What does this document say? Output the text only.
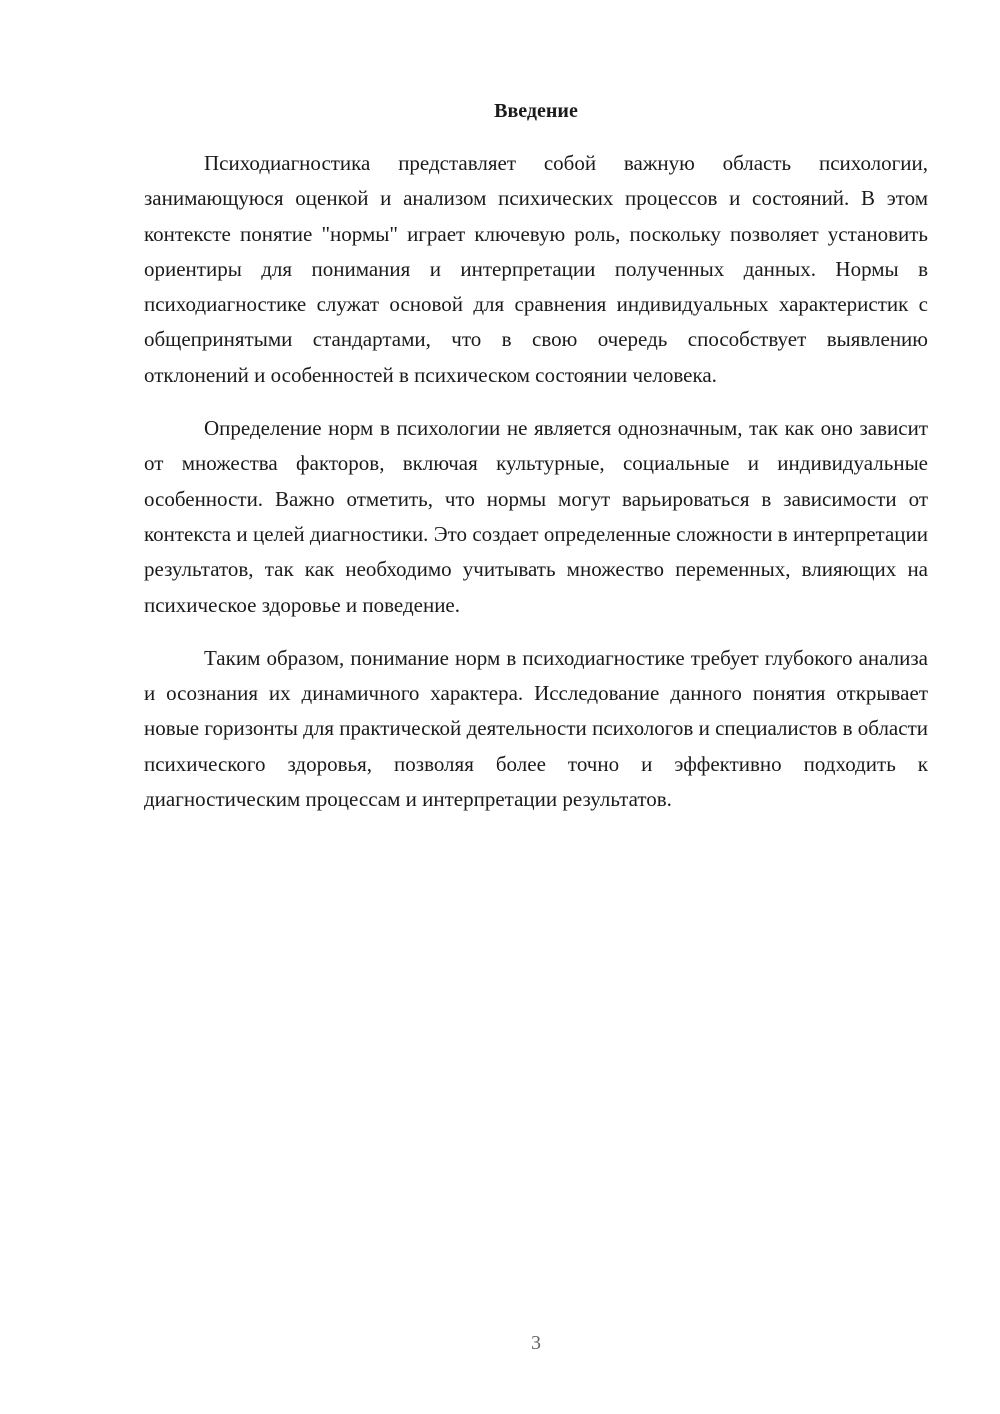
Введение

Психодиагностика представляет собой важную область психологии, занимающуюся оценкой и анализом психических процессов и состояний. В этом контексте понятие "нормы" играет ключевую роль, поскольку позволяет установить ориентиры для понимания и интерпретации полученных данных. Нормы в психодиагностике служат основой для сравнения индивидуальных характеристик с общепринятыми стандартами, что в свою очередь способствует выявлению отклонений и особенностей в психическом состоянии человека.

Определение норм в психологии не является однозначным, так как оно зависит от множества факторов, включая культурные, социальные и индивидуальные особенности. Важно отметить, что нормы могут варьироваться в зависимости от контекста и целей диагностики. Это создает определенные сложности в интерпретации результатов, так как необходимо учитывать множество переменных, влияющих на психическое здоровье и поведение.

Таким образом, понимание норм в психодиагностике требует глубокого анализа и осознания их динамичного характера. Исследование данного понятия открывает новые горизонты для практической деятельности психологов и специалистов в области психического здоровья, позволяя более точно и эффективно подходить к диагностическим процессам и интерпретации результатов.

3
